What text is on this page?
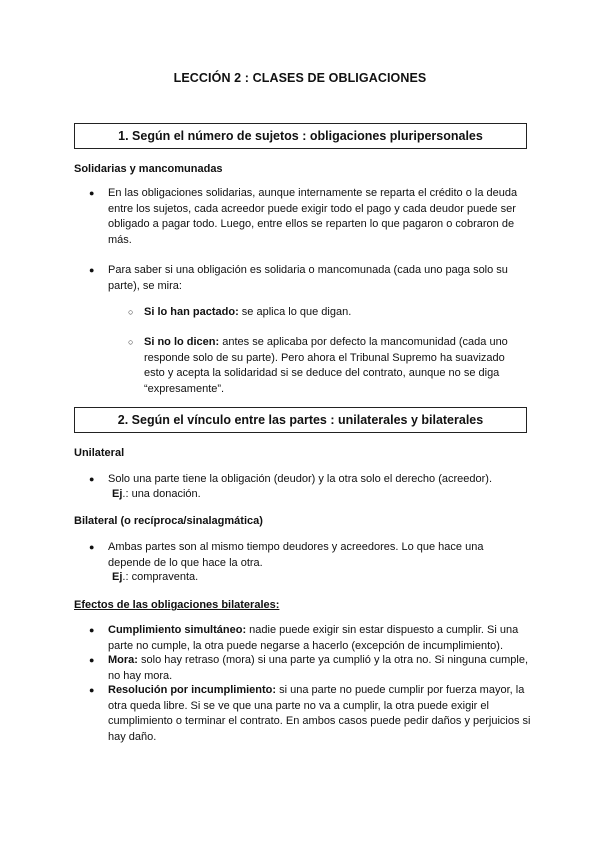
LECCIÓN 2 : CLASES DE OBLIGACIONES
1. Según el número de sujetos : obligaciones pluripersonales
Solidarias y mancomunadas
● En las obligaciones solidarias, aunque internamente se reparta el crédito o la deuda entre los sujetos, cada acreedor puede exigir todo el pago y cada deudor puede ser obligado a pagar todo. Luego, entre ellos se reparten lo que pagaron o cobraron de más.
● Para saber si una obligación es solidaria o mancomunada (cada uno paga solo su parte), se mira:
○ Si lo han pactado: se aplica lo que digan.
○ Si no lo dicen: antes se aplicaba por defecto la mancomunidad (cada uno responde solo de su parte). Pero ahora el Tribunal Supremo ha suavizado esto y acepta la solidaridad si se deduce del contrato, aunque no se diga “expresamente”.
2. Según el vínculo entre las partes : unilaterales y bilaterales
Unilateral
● Solo una parte tiene la obligación (deudor) y la otra solo el derecho (acreedor).
Ej.: una donación.
Bilateral (o recíproca/sinalagmática)
● Ambas partes son al mismo tiempo deudores y acreedores. Lo que hace una depende de lo que hace la otra.
Ej.: compraventa.
Efectos de las obligaciones bilaterales:
● Cumplimiento simultáneo: nadie puede exigir sin estar dispuesto a cumplir. Si una parte no cumple, la otra puede negarse a hacerlo (excepción de incumplimiento).
● Mora: solo hay retraso (mora) si una parte ya cumplió y la otra no. Si ninguna cumple, no hay mora.
● Resolución por incumplimiento: si una parte no puede cumplir por fuerza mayor, la otra queda libre. Si se ve que una parte no va a cumplir, la otra puede exigir el cumplimiento o terminar el contrato. En ambos casos puede pedir daños y perjuicios si hay daño.
